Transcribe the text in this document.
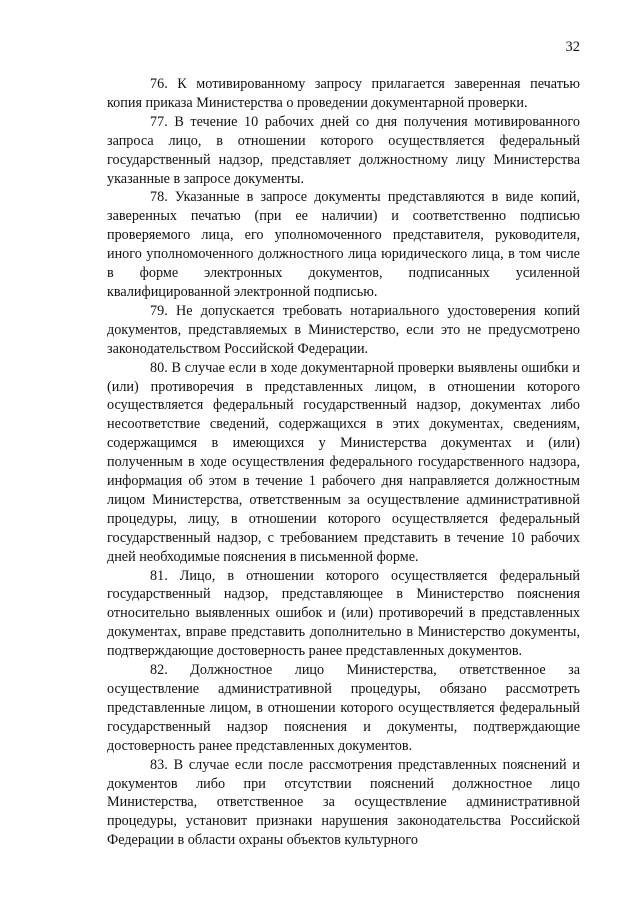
32

76. К мотивированному запросу прилагается заверенная печатью копия приказа Министерства о проведении документарной проверки.

77. В течение 10 рабочих дней со дня получения мотивированного запроса лицо, в отношении которого осуществляется федеральный государственный надзор, представляет должностному лицу Министерства указанные в запросе документы.

78. Указанные в запросе документы представляются в виде копий, заверенных печатью (при ее наличии) и соответственно подписью проверяемого лица, его уполномоченного представителя, руководителя, иного уполномоченного должностного лица юридического лица, в том числе в форме электронных документов, подписанных усиленной квалифицированной электронной подписью.

79. Не допускается требовать нотариального удостоверения копий документов, представляемых в Министерство, если это не предусмотрено законодательством Российской Федерации.

80. В случае если в ходе документарной проверки выявлены ошибки и (или) противоречия в представленных лицом, в отношении которого осуществляется федеральный государственный надзор, документах либо несоответствие сведений, содержащихся в этих документах, сведениям, содержащимся в имеющихся у Министерства документах и (или) полученным в ходе осуществления федерального государственного надзора, информация об этом в течение 1 рабочего дня направляется должностным лицом Министерства, ответственным за осуществление административной процедуры, лицу, в отношении которого осуществляется федеральный государственный надзор, с требованием представить в течение 10 рабочих дней необходимые пояснения в письменной форме.

81. Лицо, в отношении которого осуществляется федеральный государственный надзор, представляющее в Министерство пояснения относительно выявленных ошибок и (или) противоречий в представленных документах, вправе представить дополнительно в Министерство документы, подтверждающие достоверность ранее представленных документов.

82. Должностное лицо Министерства, ответственное за осуществление административной процедуры, обязано рассмотреть представленные лицом, в отношении которого осуществляется федеральный государственный надзор пояснения и документы, подтверждающие достоверность ранее представленных документов.

83. В случае если после рассмотрения представленных пояснений и документов либо при отсутствии пояснений должностное лицо Министерства, ответственное за осуществление административной процедуры, установит признаки нарушения законодательства Российской Федерации в области охраны объектов культурного
